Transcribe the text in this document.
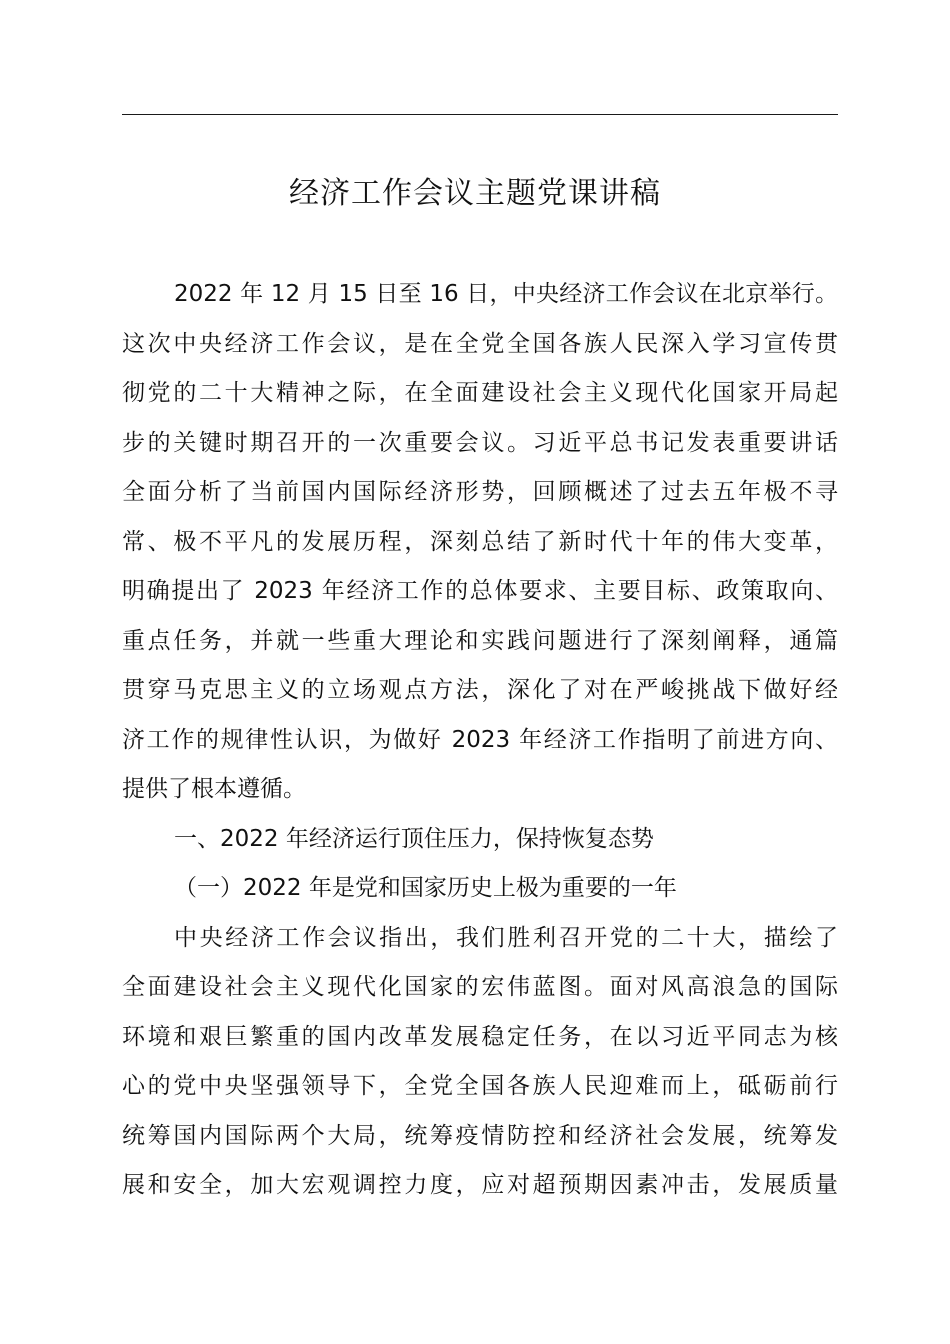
经济工作会议主题党课讲稿
2022 年 12 月 15 日至 16 日，中央经济工作会议在北京举行。
这次中央经济工作会议，是在全党全国各族人民深入学习宣传贯
彻党的二十大精神之际，在全面建设社会主义现代化国家开局起
步的关键时期召开的一次重要会议。习近平总书记发表重要讲话
全面分析了当前国内国际经济形势，回顾概述了过去五年极不寻
常、极不平凡的发展历程，深刻总结了新时代十年的伟大变革，
明确提出了 2023 年经济工作的总体要求、主要目标、政策取向、
重点任务，并就一些重大理论和实践问题进行了深刻阐释，通篇
贯穿马克思主义的立场观点方法，深化了对在严峻挑战下做好经
济工作的规律性认识，为做好 2023 年经济工作指明了前进方向、
提供了根本遵循。
一、2022 年经济运行顶住压力，保持恢复态势
（一）2022 年是党和国家历史上极为重要的一年
中央经济工作会议指出，我们胜利召开党的二十大，描绘了
全面建设社会主义现代化国家的宏伟蓝图。面对风高浪急的国际
环境和艰巨繁重的国内改革发展稳定任务，在以习近平同志为核
心的党中央坚强领导下，全党全国各族人民迎难而上，砥砺前行
统筹国内国际两个大局，统筹疫情防控和经济社会发展，统筹发
展和安全，加大宏观调控力度，应对超预期因素冲击，发展质量
